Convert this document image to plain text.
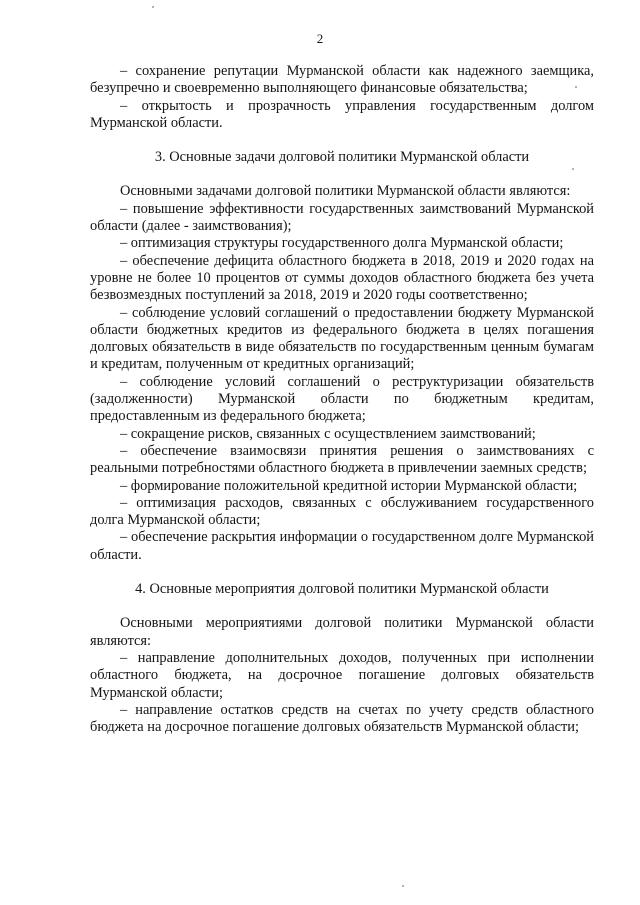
2

– сохранение репутации Мурманской области как надежного заемщика, безупречно и своевременно выполняющего финансовые обязательства;

– открытость и прозрачность управления государственным долгом Мурманской области.

3. Основные задачи долговой политики Мурманской области

Основными задачами долговой политики Мурманской области являются:

– повышение эффективности государственных заимствований Мурманской области (далее - заимствования);

– оптимизация структуры государственного долга Мурманской области;

– обеспечение дефицита областного бюджета в 2018, 2019 и 2020 годах на уровне не более 10 процентов от суммы доходов областного бюджета без учета безвозмездных поступлений за 2018, 2019 и 2020 годы соответственно;

– соблюдение условий соглашений о предоставлении бюджету Мурманской области бюджетных кредитов из федерального бюджета в целях погашения долговых обязательств в виде обязательств по государственным ценным бумагам и кредитам, полученным от кредитных организаций;

– соблюдение условий соглашений о реструктуризации обязательств (задолженности) Мурманской области по бюджетным кредитам, предоставленным из федерального бюджета;

– сокращение рисков, связанных с осуществлением заимствований;

– обеспечение взаимосвязи принятия решения о заимствованиях с реальными потребностями областного бюджета в привлечении заемных средств;

– формирование положительной кредитной истории Мурманской области;

– оптимизация расходов, связанных с обслуживанием государственного долга Мурманской области;

– обеспечение раскрытия информации о государственном долге Мурманской области.

4. Основные мероприятия долговой политики Мурманской области

Основными мероприятиями долговой политики Мурманской области являются:

– направление дополнительных доходов, полученных при исполнении областного бюджета, на досрочное погашение долговых обязательств Мурманской области;

– направление остатков средств на счетах по учету средств областного бюджета на досрочное погашение долговых обязательств Мурманской области;
